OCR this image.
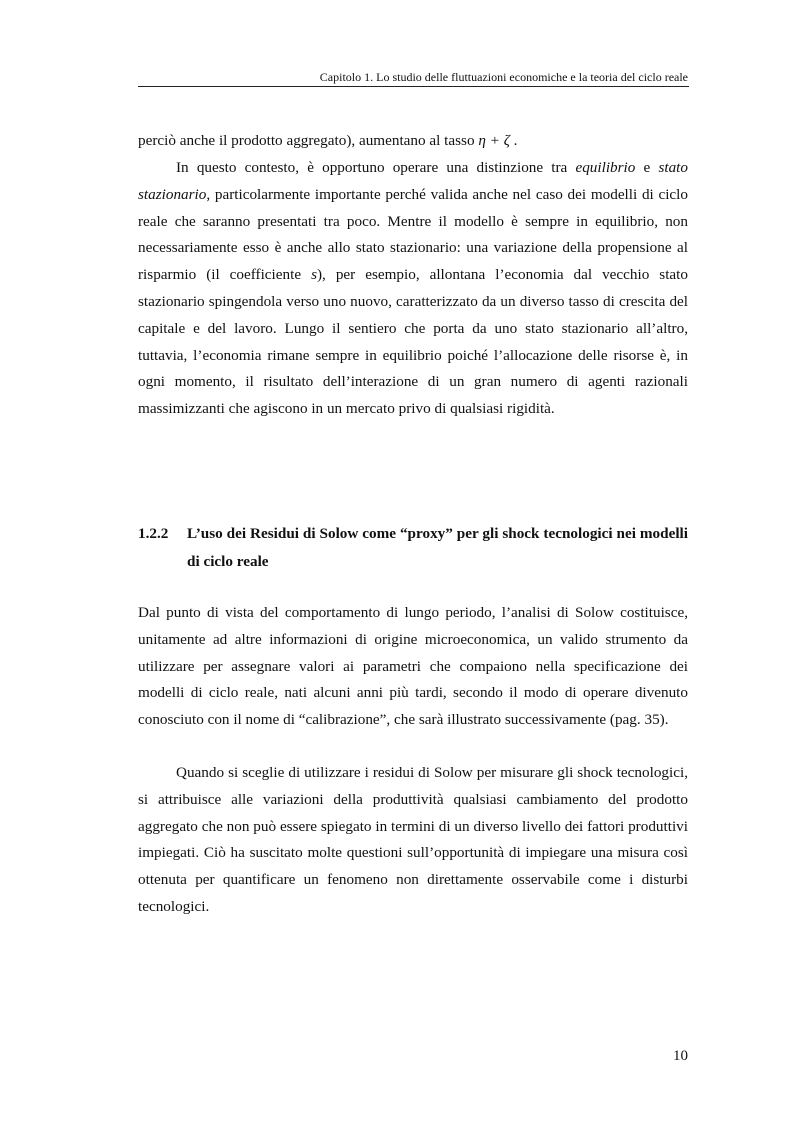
Capitolo 1. Lo studio delle fluttuazioni economiche e la teoria del ciclo reale

perciò anche il prodotto aggregato), aumentano al tasso η + ζ .

In questo contesto, è opportuno operare una distinzione tra equilibrio e stato stazionario, particolarmente importante perché valida anche nel caso dei modelli di ciclo reale che saranno presentati tra poco. Mentre il modello è sempre in equilibrio, non necessariamente esso è anche allo stato stazionario: una variazione della propensione al risparmio (il coefficiente s), per esempio, allontana l’economia dal vecchio stato stazionario spingendola verso uno nuovo, caratterizzato da un diverso tasso di crescita del capitale e del lavoro. Lungo il sentiero che porta da uno stato stazionario all’altro, tuttavia, l’economia rimane sempre in equilibrio poiché l’allocazione delle risorse è, in ogni momento, il risultato dell’interazione di un gran numero di agenti razionali massimizzanti che agiscono in un mercato privo di qualsiasi rigidità.

1.2.2 L’uso dei Residui di Solow come “proxy” per gli shock tecnologici nei modelli di ciclo reale

Dal punto di vista del comportamento di lungo periodo, l’analisi di Solow costituisce, unitamente ad altre informazioni di origine microeconomica, un valido strumento da utilizzare per assegnare valori ai parametri che compaiono nella specificazione dei modelli di ciclo reale, nati alcuni anni più tardi, secondo il modo di operare divenuto conosciuto con il nome di “calibrazione”, che sarà illustrato successivamente (pag. 35).

Quando si sceglie di utilizzare i residui di Solow per misurare gli shock tecnologici, si attribuisce alle variazioni della produttività qualsiasi cambiamento del prodotto aggregato che non può essere spiegato in termini di un diverso livello dei fattori produttivi impiegati. Ciò ha suscitato molte questioni sull’opportunità di impiegare una misura così ottenuta per quantificare un fenomeno non direttamente osservabile come i disturbi tecnologici.

10
